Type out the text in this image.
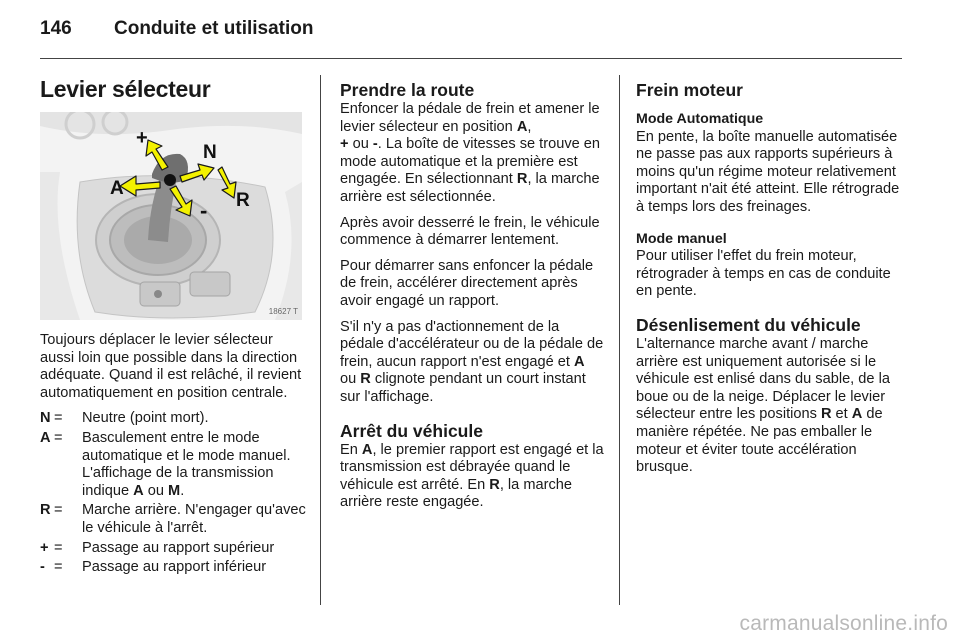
146 Conduite et utilisation
Levier sélecteur
+
-
N
A
R
18627 T

Toujours déplacer le levier sélecteur aussi loin que possible dans la direction adéquate. Quand il est relâché, il revient automatiquement en position centrale.

N =	Neutre (point mort).
A =	Basculement entre le mode automatique et le mode manuel. L'affichage de la transmission indique A ou M.
R =	Marche arrière. N'engager qu'avec le véhicule à l'arrêt.
+ =	Passage au rapport supérieur
- =	Passage au rapport inférieur
Prendre la route

Enfoncer la pédale de frein et amener le levier sélecteur en position A,
+ ou -. La boîte de vitesses se trouve en mode automatique et la première est engagée. En sélectionnant R, la marche arrière est sélectionnée.

Après avoir desserré le frein, le véhicule commence à démarrer lentement.

Pour démarrer sans enfoncer la pédale de frein, accélérer directement après avoir engagé un rapport.

S'il n'y a pas d'actionnement de la pédale d'accélérateur ou de la pédale de frein, aucun rapport n'est engagé et A ou R clignote pendant un court instant sur l'affichage.

Arrêt du véhicule

En A, le premier rapport est engagé et la transmission est débrayée quand le véhicule est arrêté. En R, la marche arrière reste engagée.

Frein moteur
Mode Automatique

En pente, la boîte manuelle automatisée ne passe pas aux rapports supérieurs à moins qu'un régime moteur relativement important n'ait été atteint. Elle rétrograde à temps lors des freinages.

Mode manuel

Pour utiliser l'effet du frein moteur, rétrograder à temps en cas de conduite en pente.

Désenlisement du véhicule

L'alternance marche avant / marche arrière est uniquement autorisée si le véhicule est enlisé dans du sable, de la boue ou de la neige. Déplacer le levier sélecteur entre les positions R et A de manière répétée. Ne pas emballer le moteur et éviter toute accélération brusque.

carmanualsonline.info
